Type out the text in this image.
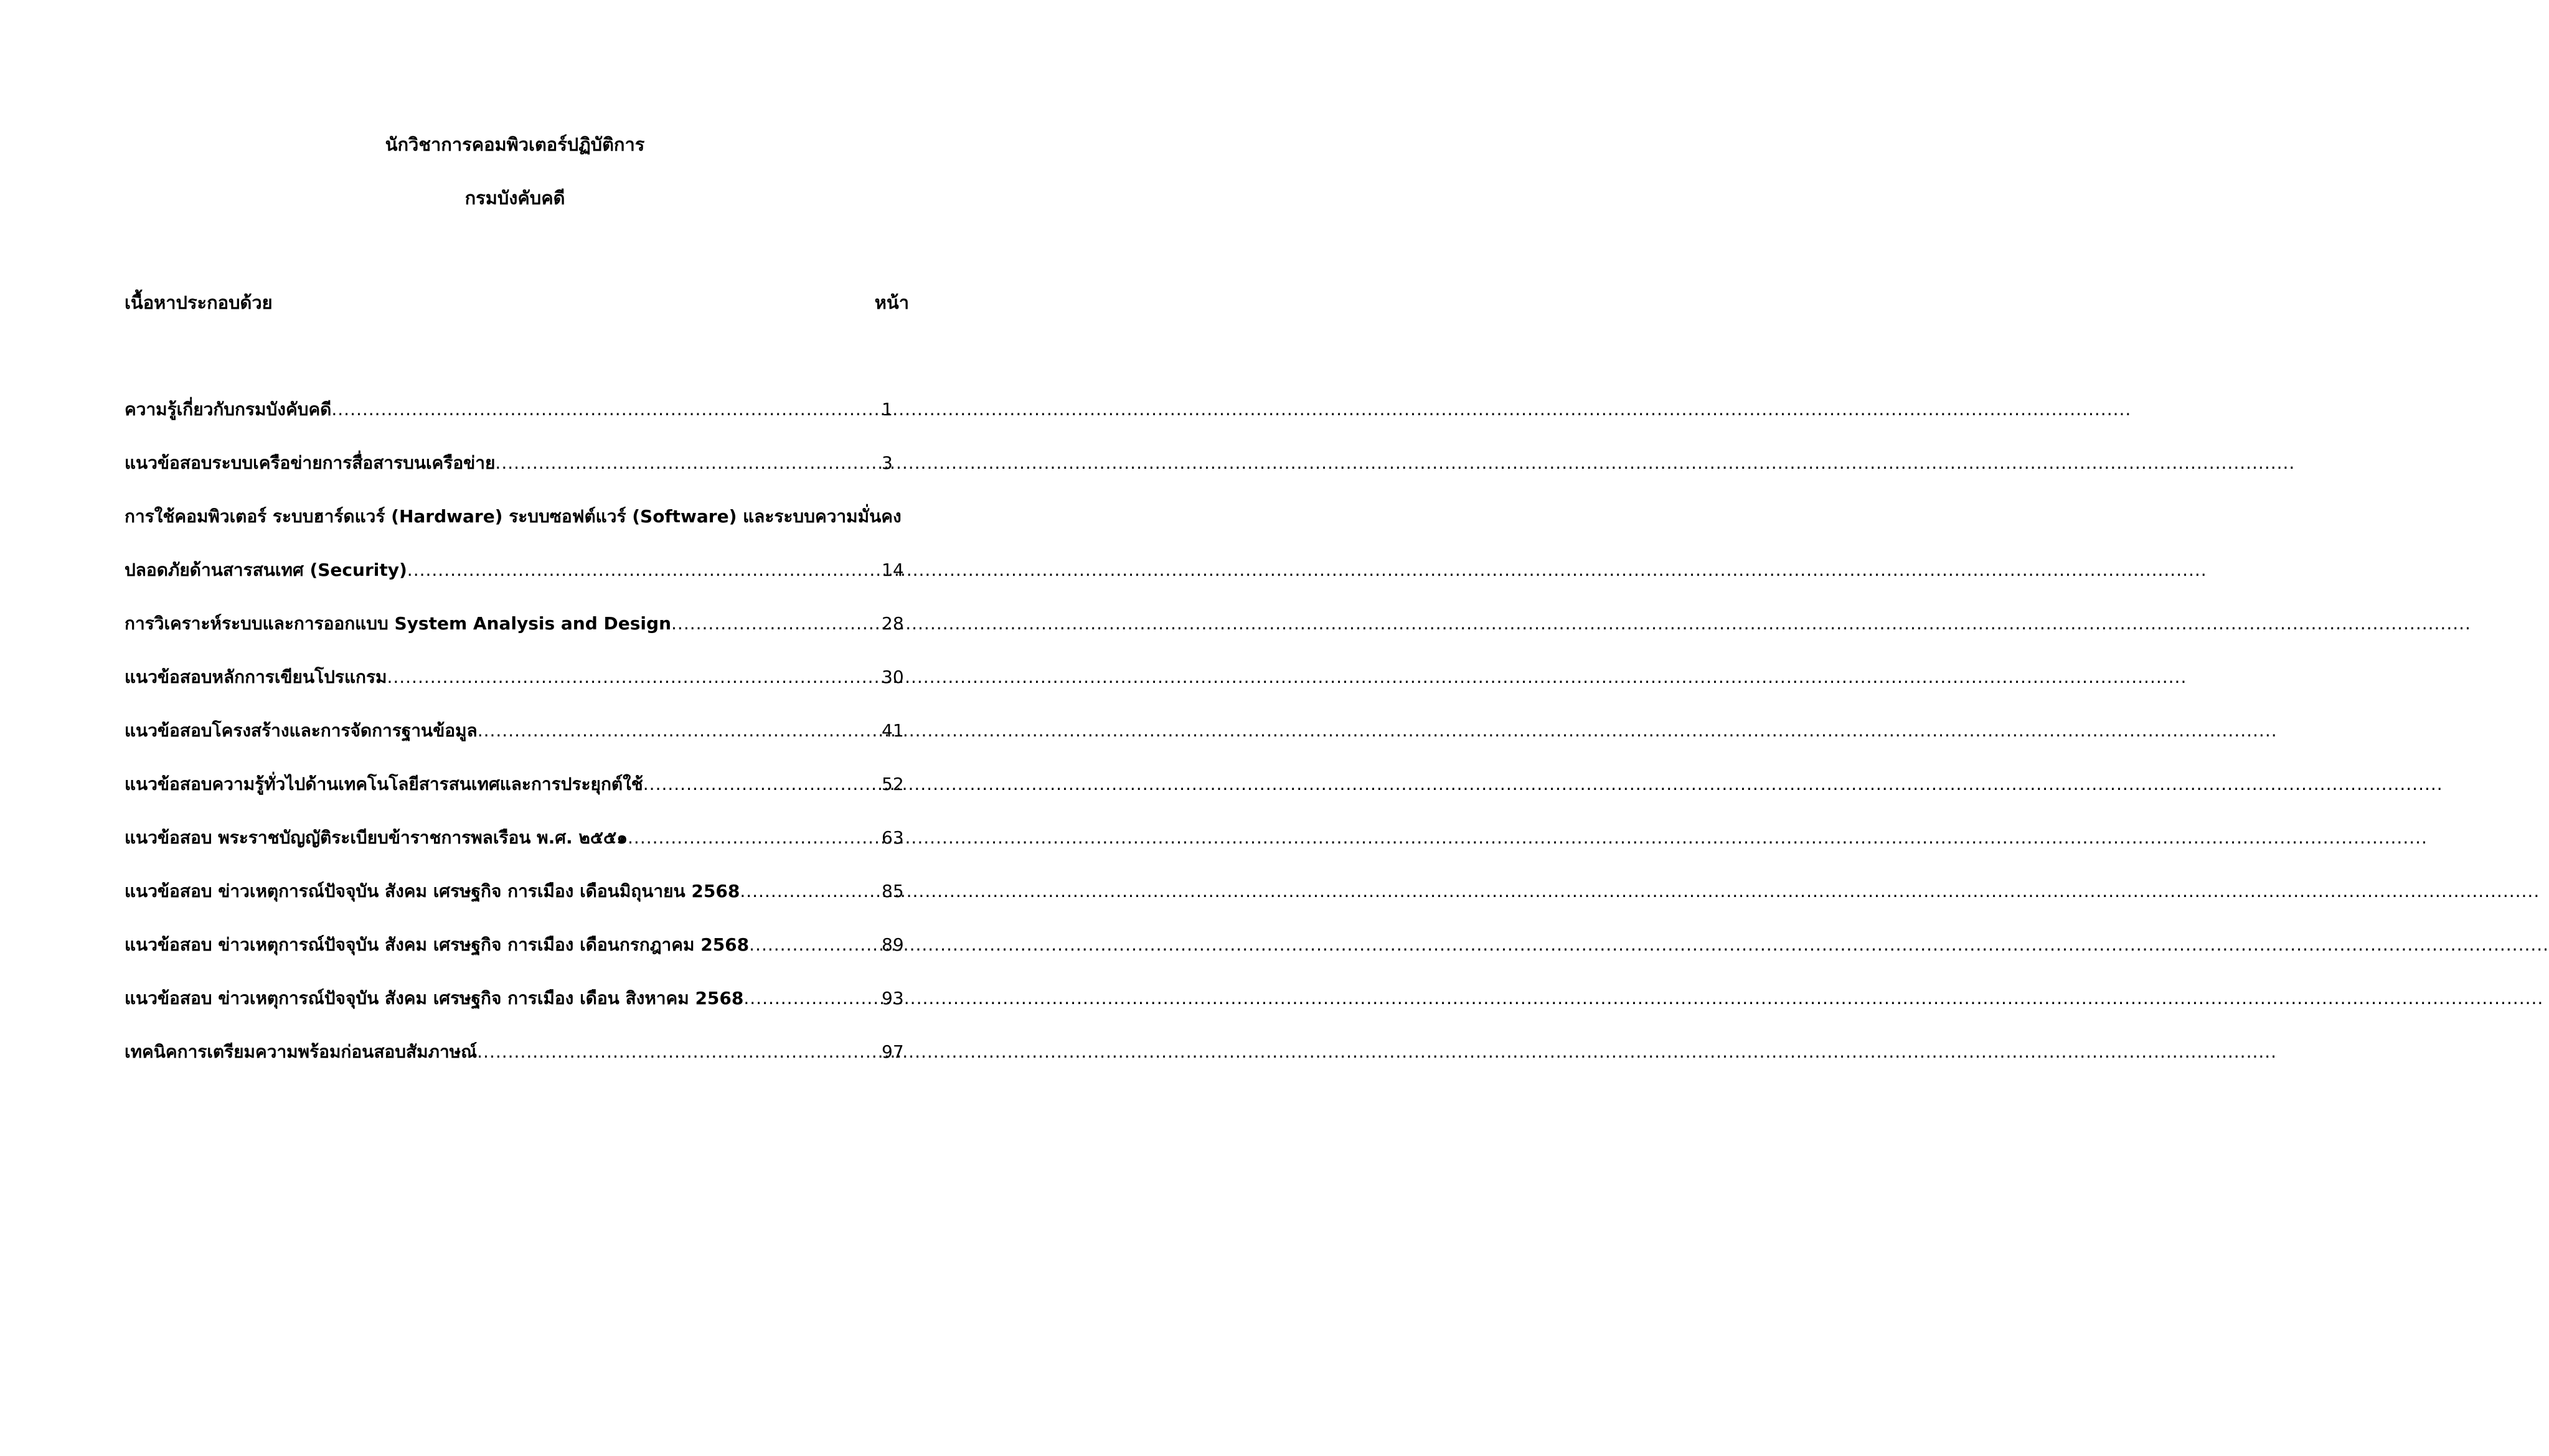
นักวิชาการคอมพิวเตอร์ปฏิบัติการ
กรมบังคับคดี
เนื้อหาประกอบด้วย	หน้า
ความรู้เกี่ยวกับกรมบังคับคดี .....	1
แนวข้อสอบระบบเครือข่ายการสื่อสารบนเครือข่าย .....	3
การใช้คอมพิวเตอร์ ระบบฮาร์ดแวร์ (Hardware) ระบบซอฟต์แวร์ (Software) และระบบความมั่นคง
ปลอดภัยด้านสารสนเทศ (Security) .....	14
การวิเคราะห์ระบบและการออกแบบ System Analysis and Design .....	28
แนวข้อสอบหลักการเขียนโปรแกรม .....	30
แนวข้อสอบโครงสร้างและการจัดการฐานข้อมูล .....	41
แนวข้อสอบความรู้ทั่วไปด้านเทคโนโลยีสารสนเทศและการประยุกต์ใช้ .....	52
แนวข้อสอบ พระราชบัญญัติระเบียบข้าราชการพลเรือน พ.ศ. ๒๕๕๑ .....	63
แนวข้อสอบ ข่าวเหตุการณ์ปัจจุบัน สังคม เศรษฐกิจ การเมือง เดือนมิถุนายน 2568 .....	85
แนวข้อสอบ ข่าวเหตุการณ์ปัจจุบัน สังคม เศรษฐกิจ การเมือง เดือนกรกฎาคม 2568 .....	89
แนวข้อสอบ ข่าวเหตุการณ์ปัจจุบัน สังคม เศรษฐกิจ การเมือง เดือน สิงหาคม 2568 .....	93
เทคนิคการเตรียมความพร้อมก่อนสอบสัมภาษณ์ .....	97
